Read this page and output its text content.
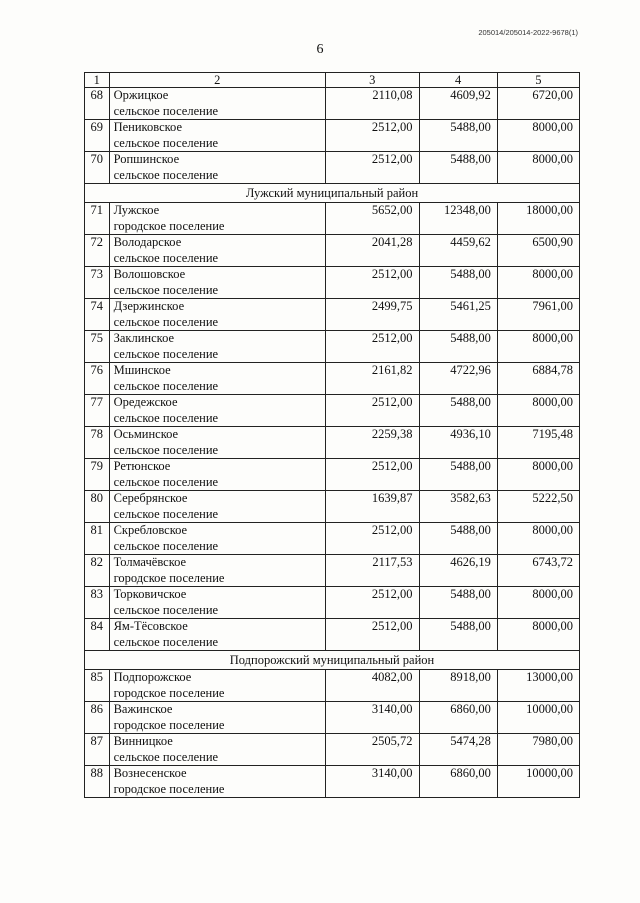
205014/205014-2022-9678(1)
6
1	2	3	4	5
68	Оржицкое
сельское поселение	2110,08	4609,92	6720,00
69	Пениковское
сельское поселение	2512,00	5488,00	8000,00
70	Ропшинское
сельское поселение	2512,00	5488,00	8000,00
Лужский муниципальный район				
71	Лужское
городское поселение	5652,00	12348,00	18000,00
72	Володарское
сельское поселение	2041,28	4459,62	6500,90
73	Волошовское
сельское поселение	2512,00	5488,00	8000,00
74	Дзержинское
сельское поселение	2499,75	5461,25	7961,00
75	Заклинское
сельское поселение	2512,00	5488,00	8000,00
76	Мшинское
сельское поселение	2161,82	4722,96	6884,78
77	Оредежское
сельское поселение	2512,00	5488,00	8000,00
78	Осьминское
сельское поселение	2259,38	4936,10	7195,48
79	Ретюнское
сельское поселение	2512,00	5488,00	8000,00
80	Серебрянское
сельское поселение	1639,87	3582,63	5222,50
81	Скребловское
сельское поселение	2512,00	5488,00	8000,00
82	Толмачёвское
городское поселение	2117,53	4626,19	6743,72
83	Торковичское
сельское поселение	2512,00	5488,00	8000,00
84	Ям-Тёсовское
сельское поселение	2512,00	5488,00	8000,00
Подпорожский муниципальный район				
85	Подпорожское
городское поселение	4082,00	8918,00	13000,00
86	Важинское
городское поселение	3140,00	6860,00	10000,00
87	Винницкое
сельское поселение	2505,72	5474,28	7980,00
88	Вознесенское
городское поселение	3140,00	6860,00	10000,00
